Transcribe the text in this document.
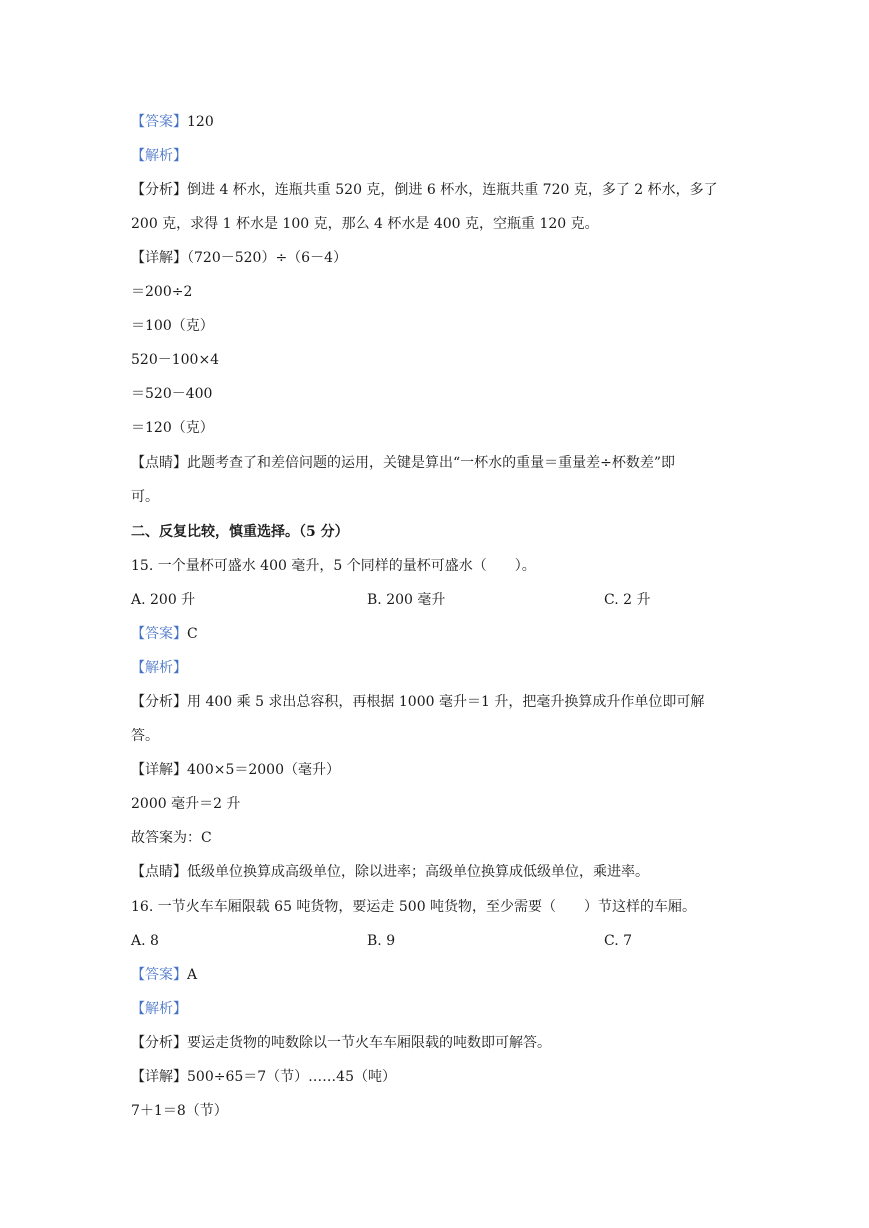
【答案】120
【解析】
【分析】倒进 4 杯水，连瓶共重 520 克，倒进 6 杯水，连瓶共重 720 克，多了 2 杯水，多了
200 克，求得 1 杯水是 100 克，那么 4 杯水是 400 克，空瓶重 120 克。
【详解】（720－520）÷（6－4）
＝200÷2
＝100（克）
520－100×4
＝520－400
＝120（克）
【点睛】此题考查了和差倍问题的运用，关键是算出“一杯水的重量＝重量差÷杯数差”即
可。
二、反复比较，慎重选择。（5 分）
15. 一个量杯可盛水 400 毫升，5 个同样的量杯可盛水（　　）。
A. 200 升	B. 200 毫升	C. 2 升
【答案】C
【解析】
【分析】用 400 乘 5 求出总容积，再根据 1000 毫升＝1 升，把毫升换算成升作单位即可解
答。
【详解】400×5＝2000（毫升）
2000 毫升＝2 升
故答案为：C
【点睛】低级单位换算成高级单位，除以进率；高级单位换算成低级单位，乘进率。
16. 一节火车车厢限载 65 吨货物，要运走 500 吨货物，至少需要（　　）节这样的车厢。
A. 8	B. 9	C. 7
【答案】A
【解析】
【分析】要运走货物的吨数除以一节火车车厢限载的吨数即可解答。
【详解】500÷65＝7（节）……45（吨）
7＋1＝8（节）
